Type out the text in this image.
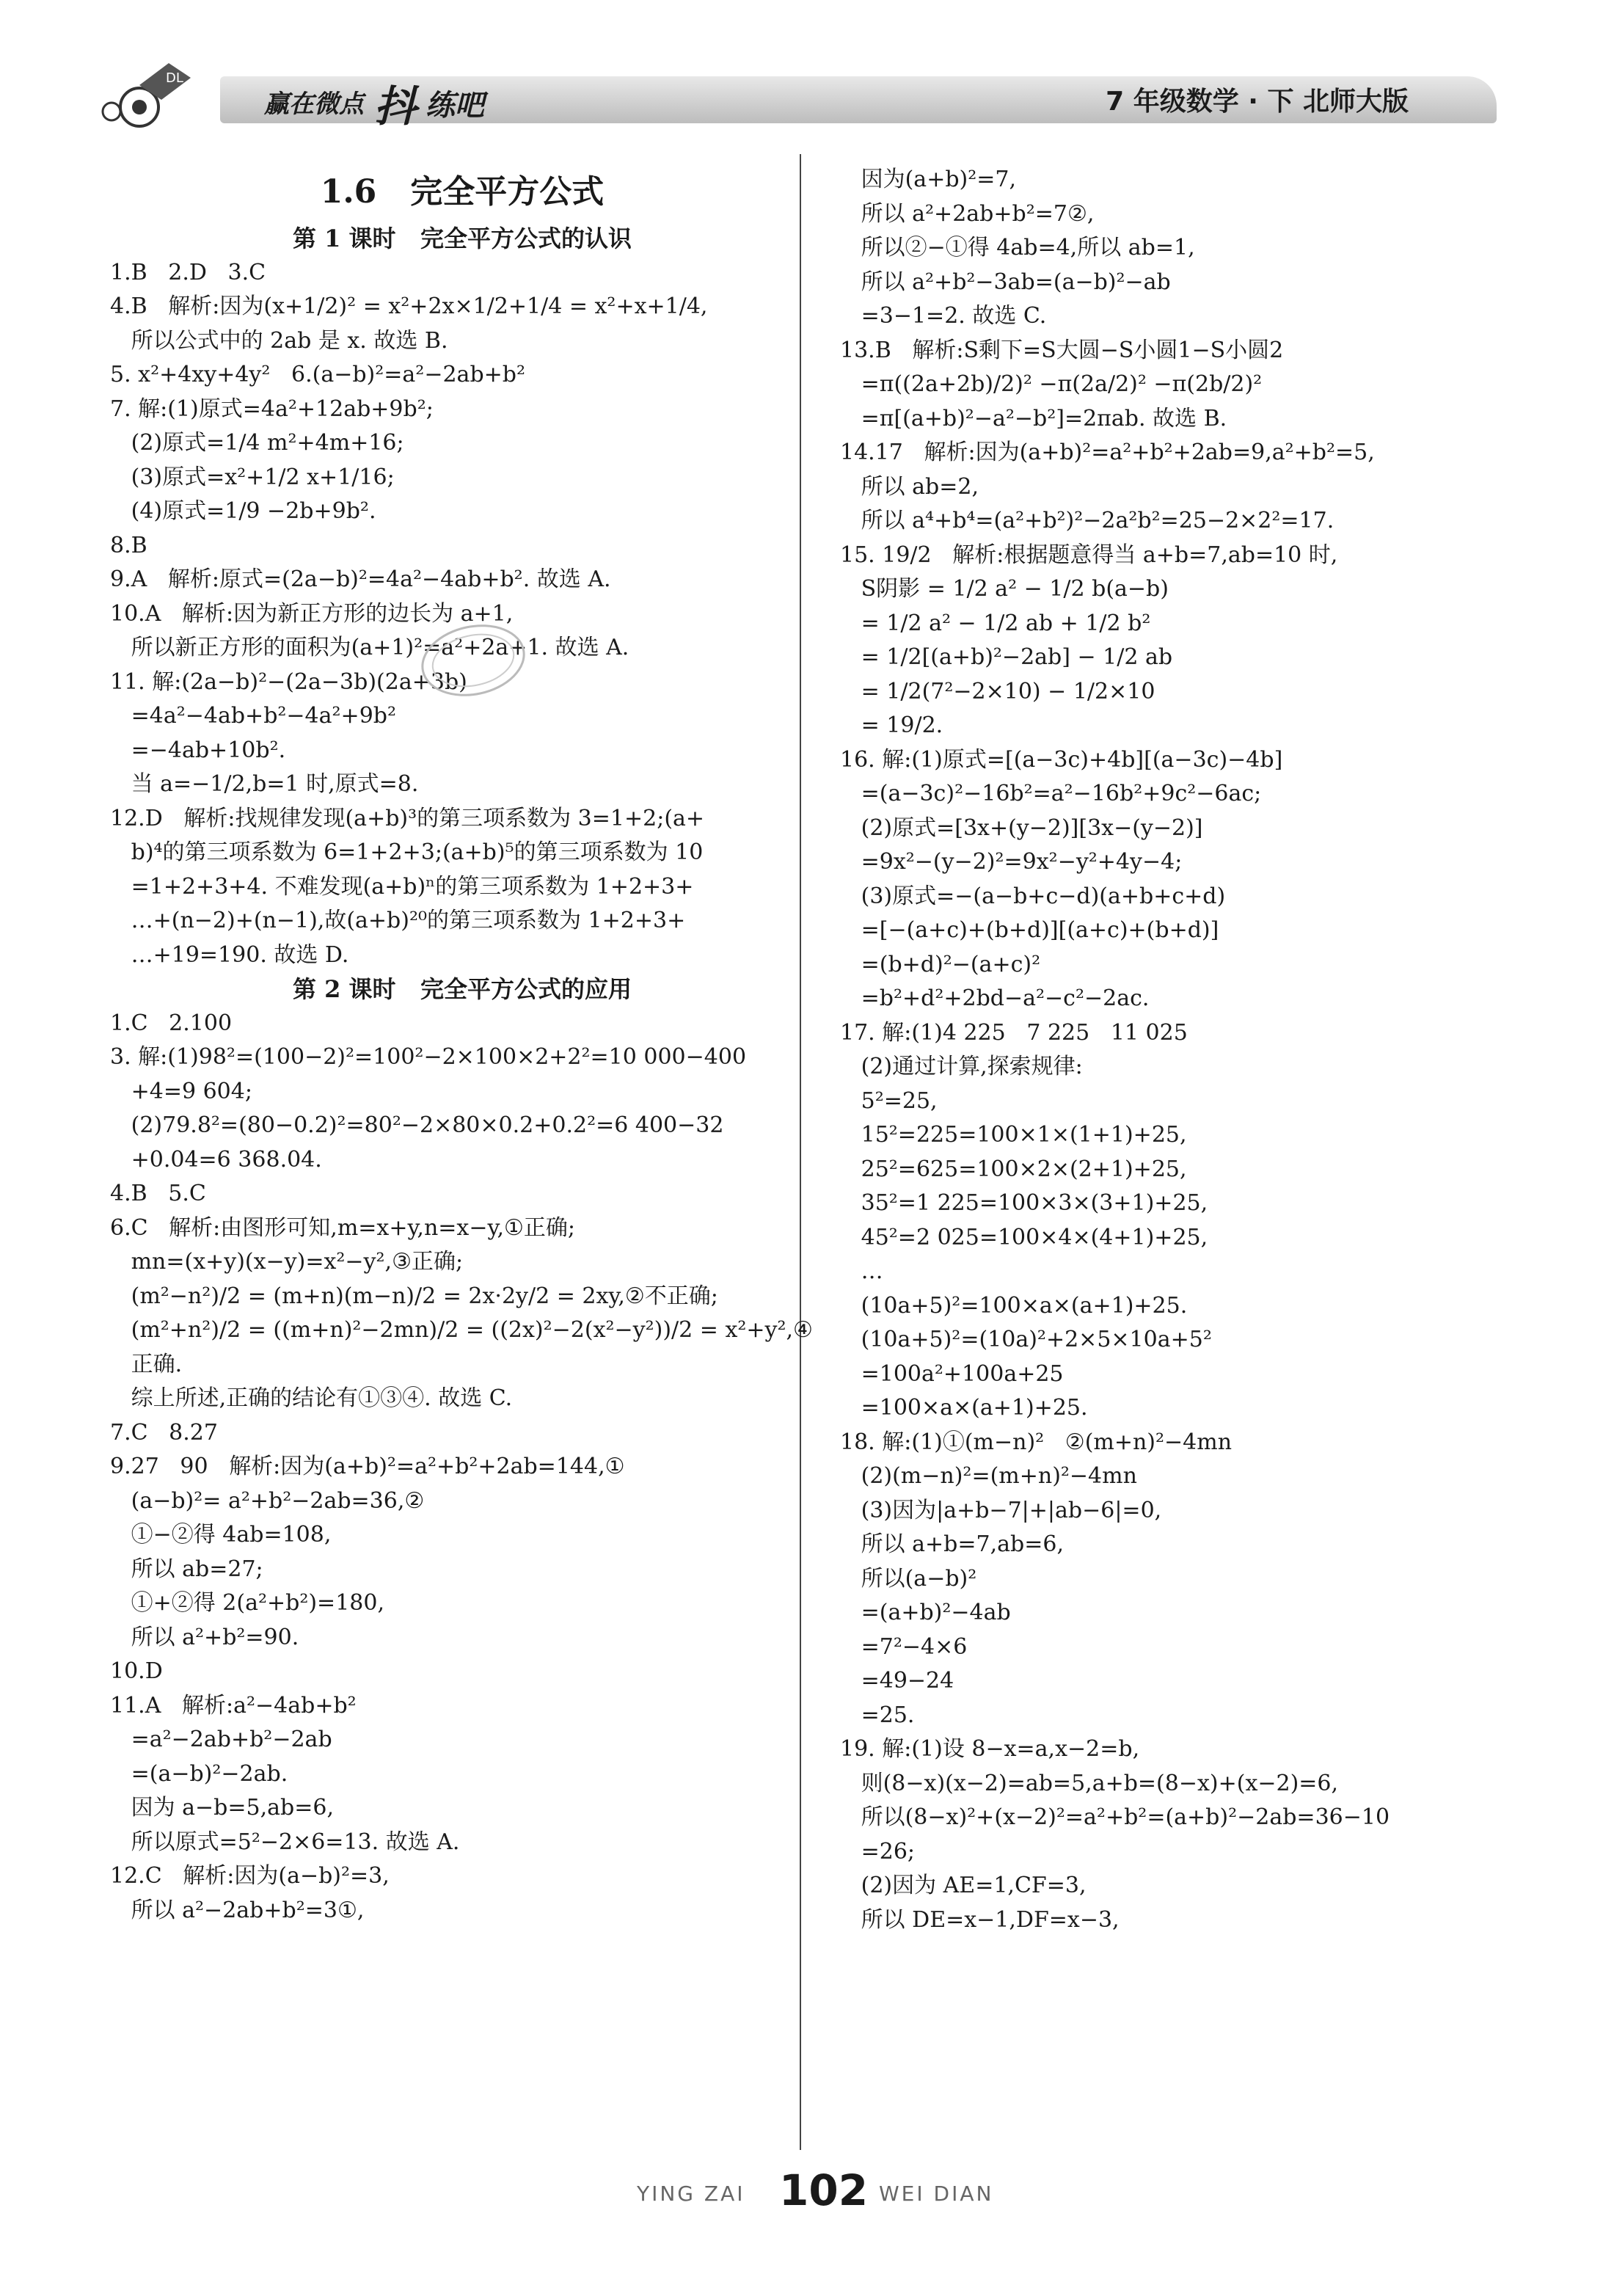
DL
赢在微点 抖 练吧	7 年级数学 · 下 北师大版
1.6   完全平方公式
第 1 课时   完全平方公式的认识
1.B   2.D   3.C
4.B   解析:因为(x+1/2)² = x²+2x×1/2+1/4 = x²+x+1/4,
所以公式中的 2ab 是 x. 故选 B.
5. x²+4xy+4y²   6.(a−b)²=a²−2ab+b²
7. 解:(1)原式=4a²+12ab+9b²;
(2)原式=1/4 m²+4m+16;
(3)原式=x²+1/2 x+1/16;
(4)原式=1/9 −2b+9b².
8.B
9.A   解析:原式=(2a−b)²=4a²−4ab+b². 故选 A.
10.A   解析:因为新正方形的边长为 a+1,
所以新正方形的面积为(a+1)²=a²+2a+1. 故选 A.
11. 解:(2a−b)²−(2a−3b)(2a+3b)
=4a²−4ab+b²−4a²+9b²
=−4ab+10b².
当 a=−1/2,b=1 时,原式=8.
12.D   解析:找规律发现(a+b)³的第三项系数为 3=1+2;(a+
b)⁴的第三项系数为 6=1+2+3;(a+b)⁵的第三项系数为 10
=1+2+3+4. 不难发现(a+b)ⁿ的第三项系数为 1+2+3+
…+(n−2)+(n−1),故(a+b)²⁰的第三项系数为 1+2+3+
…+19=190. 故选 D.
第 2 课时   完全平方公式的应用
1.C   2.100
3. 解:(1)98²=(100−2)²=100²−2×100×2+2²=10 000−400
+4=9 604;
(2)79.8²=(80−0.2)²=80²−2×80×0.2+0.2²=6 400−32
+0.04=6 368.04.
4.B   5.C
6.C   解析:由图形可知,m=x+y,n=x−y,①正确;
mn=(x+y)(x−y)=x²−y²,③正确;
(m²−n²)/2 = (m+n)(m−n)/2 = 2x·2y/2 = 2xy,②不正确;
(m²+n²)/2 = ((m+n)²−2mn)/2 = ((2x)²−2(x²−y²))/2 = x²+y²,④
正确.
综上所述,正确的结论有①③④. 故选 C.
7.C   8.27
9.27   90   解析:因为(a+b)²=a²+b²+2ab=144,①
(a−b)²= a²+b²−2ab=36,②
①−②得 4ab=108,
所以 ab=27;
①+②得 2(a²+b²)=180,
所以 a²+b²=90.
10.D
11.A   解析:a²−4ab+b²
=a²−2ab+b²−2ab
=(a−b)²−2ab.
因为 a−b=5,ab=6,
所以原式=5²−2×6=13. 故选 A.
12.C   解析:因为(a−b)²=3,
所以 a²−2ab+b²=3①,
因为(a+b)²=7,
所以 a²+2ab+b²=7②,
所以②−①得 4ab=4,所以 ab=1,
所以 a²+b²−3ab=(a−b)²−ab
=3−1=2. 故选 C.
13.B   解析:S剩下=S大圆−S小圆1−S小圆2
=π((2a+2b)/2)² −π(2a/2)² −π(2b/2)²
=π[(a+b)²−a²−b²]=2πab. 故选 B.
14.17   解析:因为(a+b)²=a²+b²+2ab=9,a²+b²=5,
所以 ab=2,
所以 a⁴+b⁴=(a²+b²)²−2a²b²=25−2×2²=17.
15. 19/2   解析:根据题意得当 a+b=7,ab=10 时,
S阴影 = 1/2 a² − 1/2 b(a−b)
= 1/2 a² − 1/2 ab + 1/2 b²
= 1/2[(a+b)²−2ab] − 1/2 ab
= 1/2(7²−2×10) − 1/2×10
= 19/2.
16. 解:(1)原式=[(a−3c)+4b][(a−3c)−4b]
=(a−3c)²−16b²=a²−16b²+9c²−6ac;
(2)原式=[3x+(y−2)][3x−(y−2)]
=9x²−(y−2)²=9x²−y²+4y−4;
(3)原式=−(a−b+c−d)(a+b+c+d)
=[−(a+c)+(b+d)][(a+c)+(b+d)]
=(b+d)²−(a+c)²
=b²+d²+2bd−a²−c²−2ac.
17. 解:(1)4 225   7 225   11 025
(2)通过计算,探索规律:
5²=25,
15²=225=100×1×(1+1)+25,
25²=625=100×2×(2+1)+25,
35²=1 225=100×3×(3+1)+25,
45²=2 025=100×4×(4+1)+25,
…
(10a+5)²=100×a×(a+1)+25.
(10a+5)²=(10a)²+2×5×10a+5²
=100a²+100a+25
=100×a×(a+1)+25.
18. 解:(1)①(m−n)²   ②(m+n)²−4mn
(2)(m−n)²=(m+n)²−4mn
(3)因为|a+b−7|+|ab−6|=0,
所以 a+b=7,ab=6,
所以(a−b)²
=(a+b)²−4ab
=7²−4×6
=49−24
=25.
19. 解:(1)设 8−x=a,x−2=b,
则(8−x)(x−2)=ab=5,a+b=(8−x)+(x−2)=6,
所以(8−x)²+(x−2)²=a²+b²=(a+b)²−2ab=36−10
=26;
(2)因为 AE=1,CF=3,
所以 DE=x−1,DF=x−3,
YING ZAI 102 WEI DIAN
